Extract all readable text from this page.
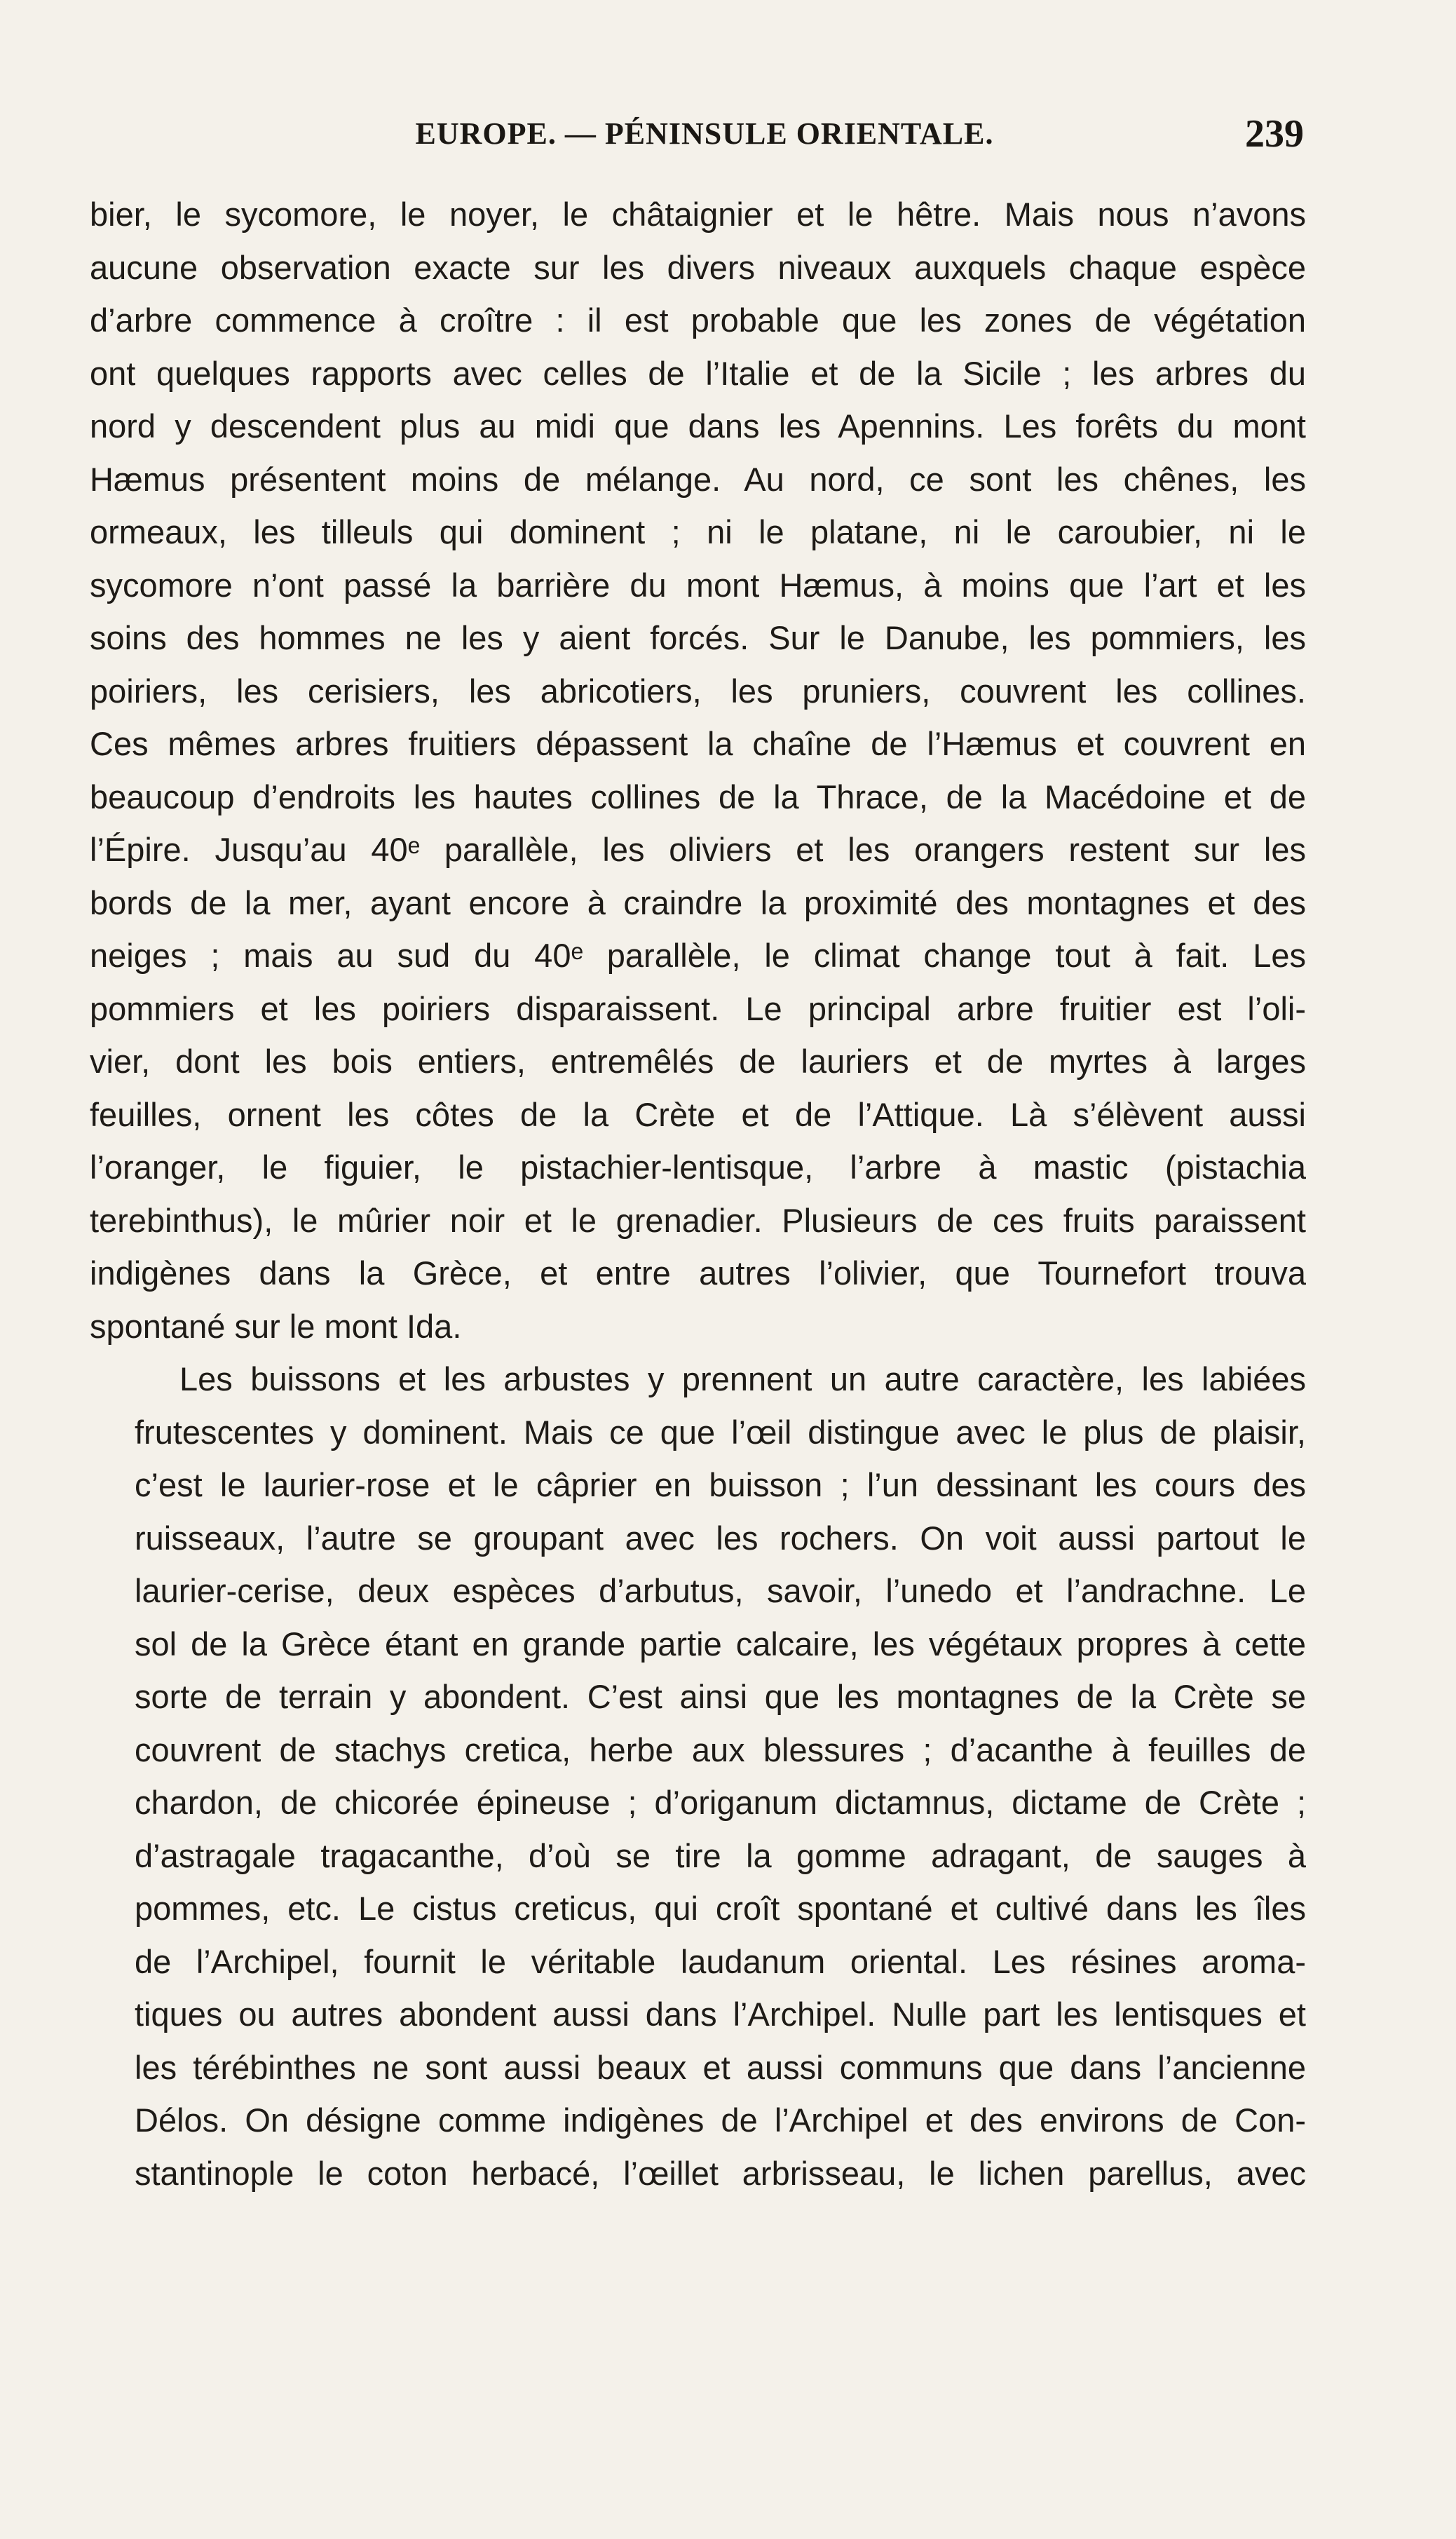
EUROPE. — PÉNINSULE ORIENTALE.	239
bier, le sycomore, le noyer, le châtaignier et le hêtre. Mais nous n’avons
aucune observation exacte sur les divers niveaux auxquels chaque espèce
d’arbre commence à croître : il est probable que les zones de végétation
ont quelques rapports avec celles de l’Italie et de la Sicile ; les arbres du
nord y descendent plus au midi que dans les Apennins. Les forêts du mont
Hæmus présentent moins de mélange. Au nord, ce sont les chênes, les
ormeaux, les tilleuls qui dominent ; ni le platane, ni le caroubier, ni le
sycomore n’ont passé la barrière du mont Hæmus, à moins que l’art et les
soins des hommes ne les y aient forcés. Sur le Danube, les pommiers, les
poiriers, les cerisiers, les abricotiers, les pruniers, couvrent les collines.
Ces mêmes arbres fruitiers dépassent la chaîne de l’Hæmus et couvrent en
beaucoup d’endroits les hautes collines de la Thrace, de la Macédoine et de
l’Épire. Jusqu’au 40ᵉ parallèle, les oliviers et les orangers restent sur les
bords de la mer, ayant encore à craindre la proximité des montagnes et des
neiges ; mais au sud du 40ᵉ parallèle, le climat change tout à fait. Les
pommiers et les poiriers disparaissent. Le principal arbre fruitier est l’oli-
vier, dont les bois entiers, entremêlés de lauriers et de myrtes à larges
feuilles, ornent les côtes de la Crète et de l’Attique. Là s’élèvent aussi
l’oranger, le figuier, le pistachier-lentisque, l’arbre à mastic (pistachia
terebinthus), le mûrier noir et le grenadier. Plusieurs de ces fruits paraissent
indigènes dans la Grèce, et entre autres l’olivier, que Tournefort trouva
spontané sur le mont Ida.
Les buissons et les arbustes y prennent un autre caractère, les labiées
frutescentes y dominent. Mais ce que l’œil distingue avec le plus de plaisir,
c’est le laurier-rose et le câprier en buisson ; l’un dessinant les cours des
ruisseaux, l’autre se groupant avec les rochers. On voit aussi partout le
laurier-cerise, deux espèces d’arbutus, savoir, l’unedo et l’andrachne. Le
sol de la Grèce étant en grande partie calcaire, les végétaux propres à cette
sorte de terrain y abondent. C’est ainsi que les montagnes de la Crète se
couvrent de stachys cretica, herbe aux blessures ; d’acanthe à feuilles de
chardon, de chicorée épineuse ; d’origanum dictamnus, dictame de Crète ;
d’astragale tragacanthe, d’où se tire la gomme adragant, de sauges à
pommes, etc. Le cistus creticus, qui croît spontané et cultivé dans les îles
de l’Archipel, fournit le véritable laudanum oriental. Les résines aroma-
tiques ou autres abondent aussi dans l’Archipel. Nulle part les lentisques et
les térébinthes ne sont aussi beaux et aussi communs que dans l’ancienne
Délos. On désigne comme indigènes de l’Archipel et des environs de Con-
stantinople le coton herbacé, l’œillet arbrisseau, le lichen parellus, avec
